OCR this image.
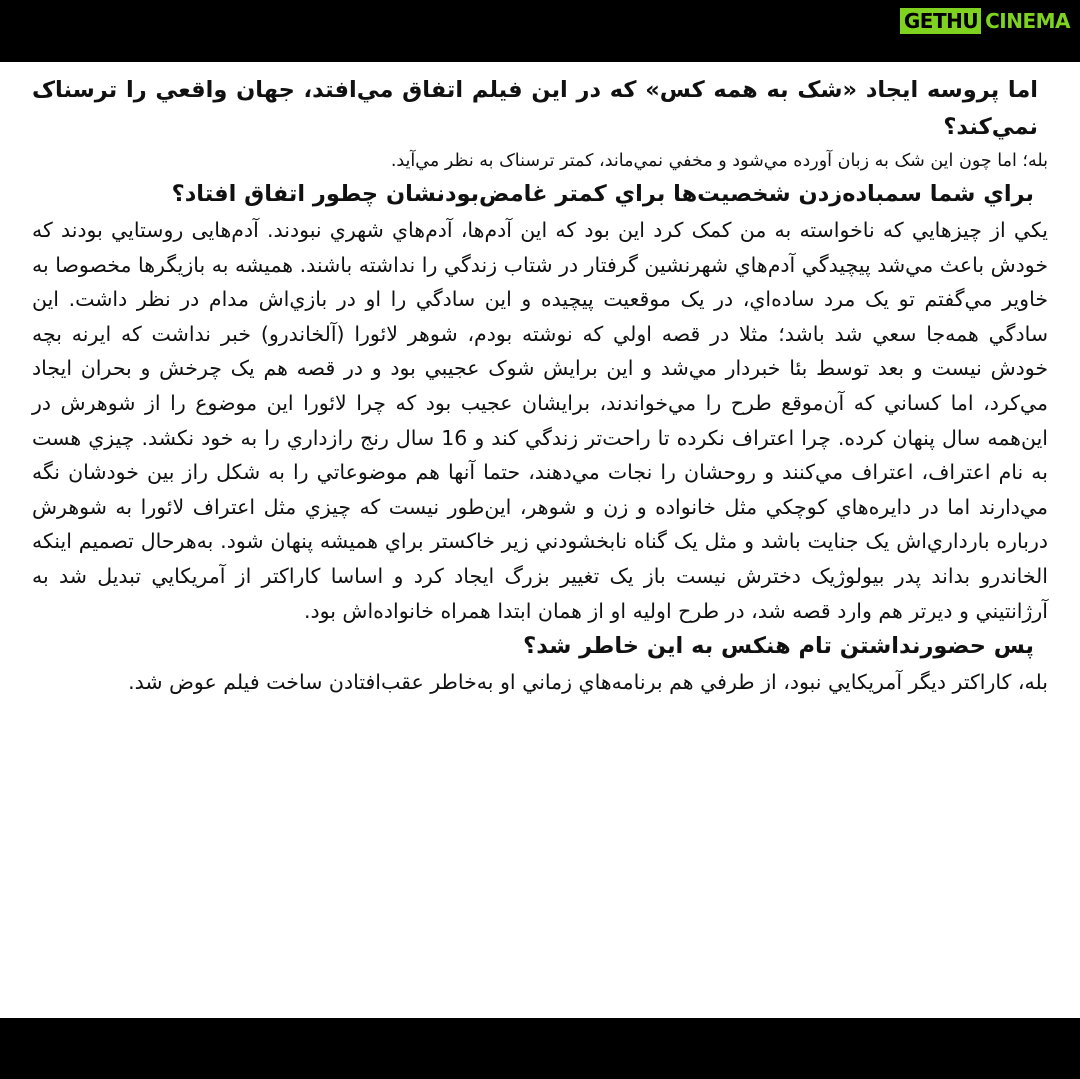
GETHU CINEMA

اما پروسه ايجاد «شک به همه کس» که در اين فيلم اتفاق مي‌افتد، جهان واقعي را ترسناک نمي‌کند؟

بله؛ اما چون اين شک به زبان آورده مي‌شود و مخفي نمي‌ماند، کمتر ترسناک به نظر مي‌آيد.

براي شما سمباده‌زدن شخصيت‌ها براي کمتر غامض‌بودنشان چطور اتفاق افتاد؟

يکي از چيزهايي که ناخواسته به من کمک کرد اين بود که اين آدم‌ها، آدم‌هاي شهري نبودند. آدم‌هايی روستايي بودند که خودش باعث مي‌شد پيچيدگي آدم‌هاي شهرنشين گرفتار در شتاب زندگي را نداشته باشند. هميشه به بازيگرها مخصوصا به خاوير مي‌گفتم تو يک مرد ساده‌اي، در يک موقعيت پيچيده و اين سادگي را او در بازي‌اش مدام در نظر داشت. اين سادگي همه‌جا سعي شد باشد؛ مثلا در قصه اولي که نوشته بودم، شوهر لائورا (آلخاندرو) خبر نداشت که ايرنه بچه خودش نيست و بعد توسط بئا خبردار مي‌شد و اين برايش شوک عجيبي بود و در قصه هم يک چرخش و بحران ايجاد مي‌کرد، اما کساني که آن‌موقع طرح را مي‌خواندند، برايشان عجيب بود که چرا لائورا اين موضوع را از شوهرش در اين‌همه سال پنهان کرده. چرا اعتراف نکرده تا راحت‌تر زندگي کند و 16 سال رنج رازداري را به خود نکشد. چيزي هست به نام اعتراف، اعتراف مي‌کنند و روحشان را نجات مي‌دهند، حتما آنها هم موضوعاتي را به شکل راز بين خودشان نگه مي‌دارند اما در دايره‌هاي کوچکي مثل خانواده و زن و شوهر، اين‌طور نيست که چيزي مثل اعتراف لائورا به شوهرش درباره بارداري‌اش يک جنايت باشد و مثل يک گناه نابخشودني زير خاکستر براي هميشه پنهان شود. به‌هرحال تصميم اينکه الخاندرو بداند پدر بيولوژيک دخترش نيست باز يک تغيير بزرگ ايجاد کرد و اساسا کاراکتر از آمريکايي تبديل شد به آرژانتيني و ديرتر هم وارد قصه شد، در طرح اوليه او از همان ابتدا همراه خانواده‌اش بود.

پس حضورنداشتن تام هنکس به اين خاطر شد؟

بله، کاراکتر ديگر آمريکايي نبود، از طرفي هم برنامه‌هاي زماني او به‌خاطر عقب‌افتادن ساخت فيلم عوض شد.
